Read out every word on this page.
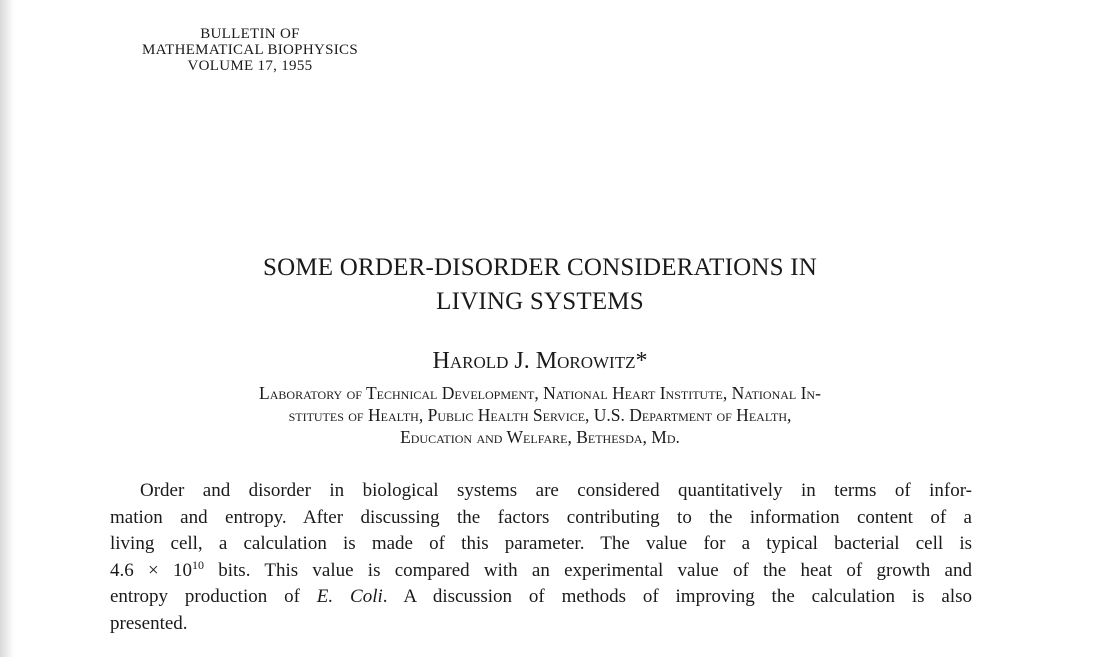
BULLETIN OF
MATHEMATICAL BIOPHYSICS
VOLUME 17, 1955
SOME ORDER-DISORDER CONSIDERATIONS IN
LIVING SYSTEMS
Harold J. Morowitz*
Laboratory of Technical Development, National Heart Institute, National In-
stitutes of Health, Public Health Service, U.S. Department of Health,
Education and Welfare, Bethesda, Md.
Order and disorder in biological systems are considered quantitatively in terms of infor-
mation and entropy. After discussing the factors contributing to the information content of a
living cell, a calculation is made of this parameter. The value for a typical bacterial cell is
$4.6 \times 10^{10}$ bits. This value is compared with an experimental value of the heat of growth and
entropy production of E. Coli. A discussion of methods of improving the calculation is also
presented.
